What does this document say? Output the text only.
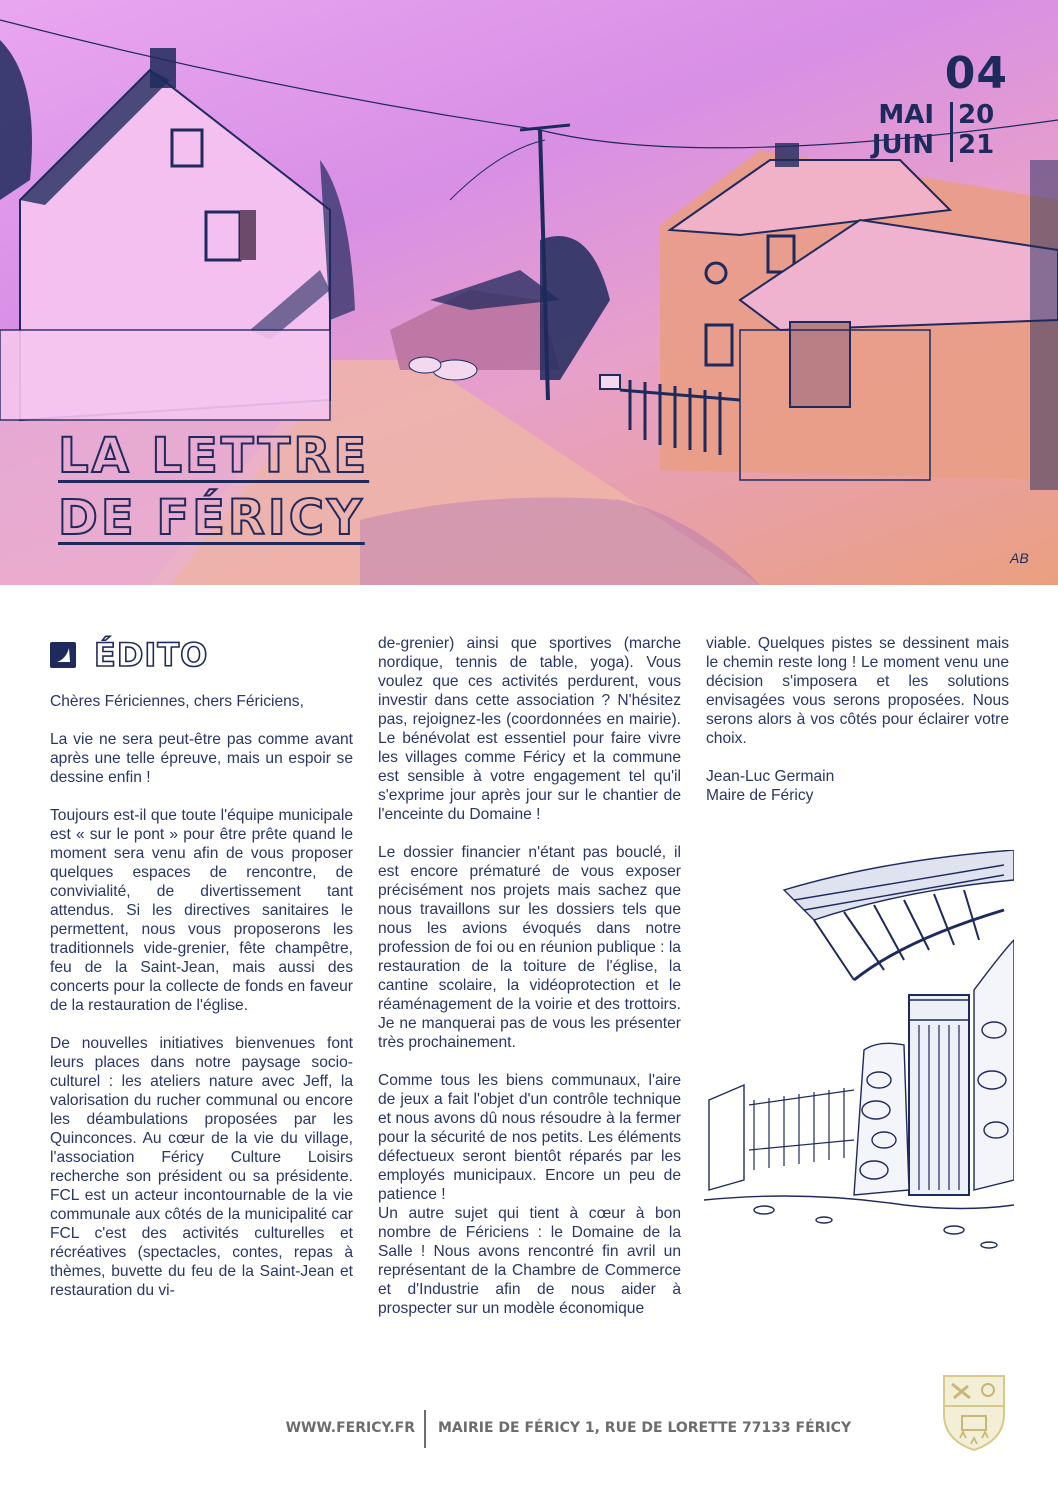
04
MAI
JUIN
20
21
LA LETTRE
DE FÉRICY
AB
ÉDITO

Chères Fériciennes, chers Fériciens,

La vie ne sera peut-être pas comme avant après une telle épreuve, mais un espoir se dessine enfin !

Toujours est-il que toute l'équipe municipale est « sur le pont » pour être prête quand le moment sera venu afin de vous proposer quelques espaces de rencontre, de convivialité, de divertissement tant attendus. Si les directives sanitaires le permettent, nous vous proposerons les traditionnels vide-grenier, fête champêtre, feu de la Saint-Jean, mais aussi des concerts pour la collecte de fonds en faveur de la restauration de l'église.

De nouvelles initiatives bienvenues font leurs places dans notre paysage socio-culturel : les ateliers nature avec Jeff, la valorisation du rucher communal ou encore les déambulations proposées par les Quinconces. Au cœur de la vie du village, l'association Féricy Culture Loisirs recherche son président ou sa présidente. FCL est un acteur incontournable de la vie communale aux côtés de la municipalité car FCL c'est des activités culturelles et récréatives (spectacles, contes, repas à thèmes, buvette du feu de la Saint-Jean et restauration du vi-

de-grenier) ainsi que sportives (marche nordique, tennis de table, yoga). Vous voulez que ces activités perdurent, vous investir dans cette association ? N'hésitez pas, rejoignez-les (coordonnées en mairie). Le bénévolat est essentiel pour faire vivre les villages comme Féricy et la commune est sensible à votre engagement tel qu'il s'exprime jour après jour sur le chantier de l'enceinte du Domaine !

Le dossier financier n'étant pas bouclé, il est encore prématuré de vous exposer précisément nos projets mais sachez que nous travaillons sur les dossiers tels que nous les avions évoqués dans notre profession de foi ou en réunion publique : la restauration de la toiture de l'église, la cantine scolaire, la vidéoprotection et le réaménagement de la voirie et des trottoirs. Je ne manquerai pas de vous les présenter très prochainement.

Comme tous les biens communaux, l'aire de jeux a fait l'objet d'un contrôle technique et nous avons dû nous résoudre à la fermer pour la sécurité de nos petits. Les éléments défectueux seront bientôt réparés par les employés municipaux. Encore un peu de patience !

Un autre sujet qui tient à cœur à bon nombre de Fériciens : le Domaine de la Salle ! Nous avons rencontré fin avril un représentant de la Chambre de Commerce et d'Industrie afin de nous aider à prospecter sur un modèle économique

viable. Quelques pistes se dessinent mais le chemin reste long ! Le moment venu une décision s'imposera et les solutions envisagées vous serons proposées. Nous serons alors à vos côtés pour éclairer votre choix.

Jean-Luc Germain
Maire de Féricy

WWW.FERICY.FR MAIRIE DE FÉRICY 1, RUE DE LORETTE 77133 FÉRICY
